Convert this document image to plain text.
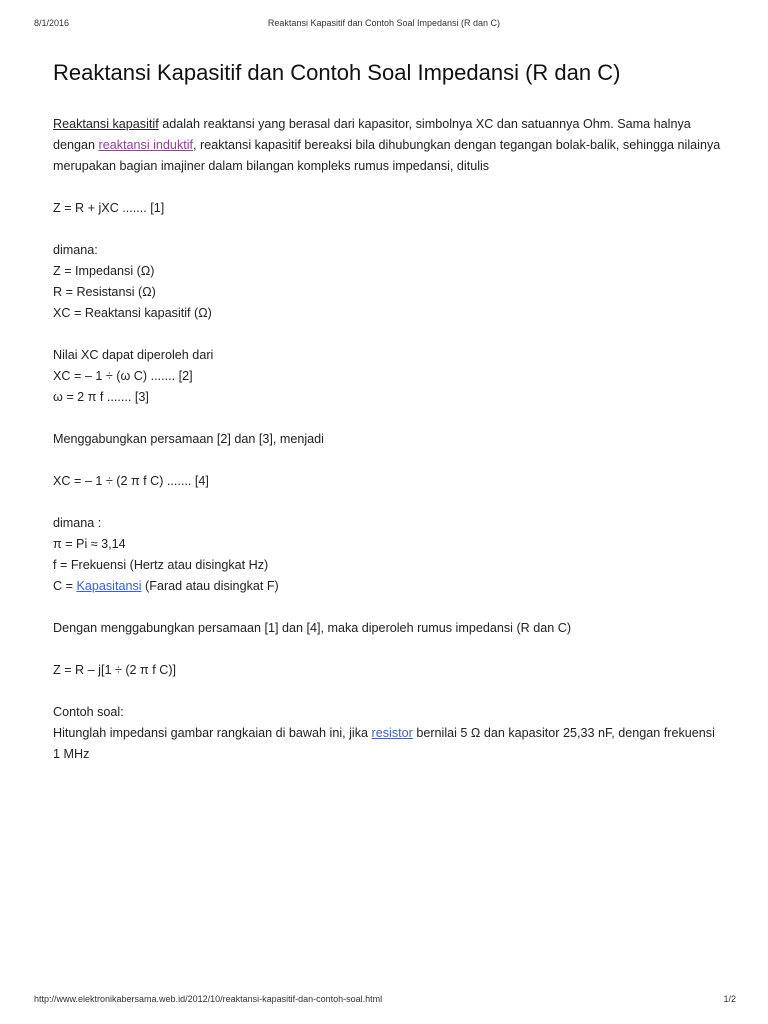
8/1/2016	Reaktansi Kapasitif dan Contoh Soal Impedansi (R dan C)
Reaktansi Kapasitif dan Contoh Soal Impedansi (R dan C)

Reaktansi kapasitif adalah reaktansi yang berasal dari kapasitor, simbolnya XC dan satuannya Ohm. Sama halnya dengan reaktansi induktif, reaktansi kapasitif bereaksi bila dihubungkan dengan tegangan bolak-balik, sehingga nilainya merupakan bagian imajiner dalam bilangan kompleks rumus impedansi, ditulis

Z = R + jXC ....... [1]

dimana:
Z = Impedansi (Ω)
R = Resistansi (Ω)
XC = Reaktansi kapasitif (Ω)

Nilai XC dapat diperoleh dari
XC = – 1 ÷ (ω C) ....... [2]
ω = 2 π f ....... [3]

Menggabungkan persamaan [2] dan [3], menjadi

XC = – 1 ÷ (2 π f C) ....... [4]

dimana :
π = Pi ≈ 3,14
f = Frekuensi (Hertz atau disingkat Hz)
C = Kapasitansi (Farad atau disingkat F)

Dengan menggabungkan persamaan [1] dan [4], maka diperoleh rumus impedansi (R dan C)

Z = R – j[1 ÷ (2 π f C)]

Contoh soal:
Hitunglah impedansi gambar rangkaian di bawah ini, jika resistor bernilai 5 Ω dan kapasitor 25,33 nF, dengan frekuensi 1 MHz

http://www.elektronikabersama.web.id/2012/10/reaktansi-kapasitif-dan-contoh-soal.html	1/2
